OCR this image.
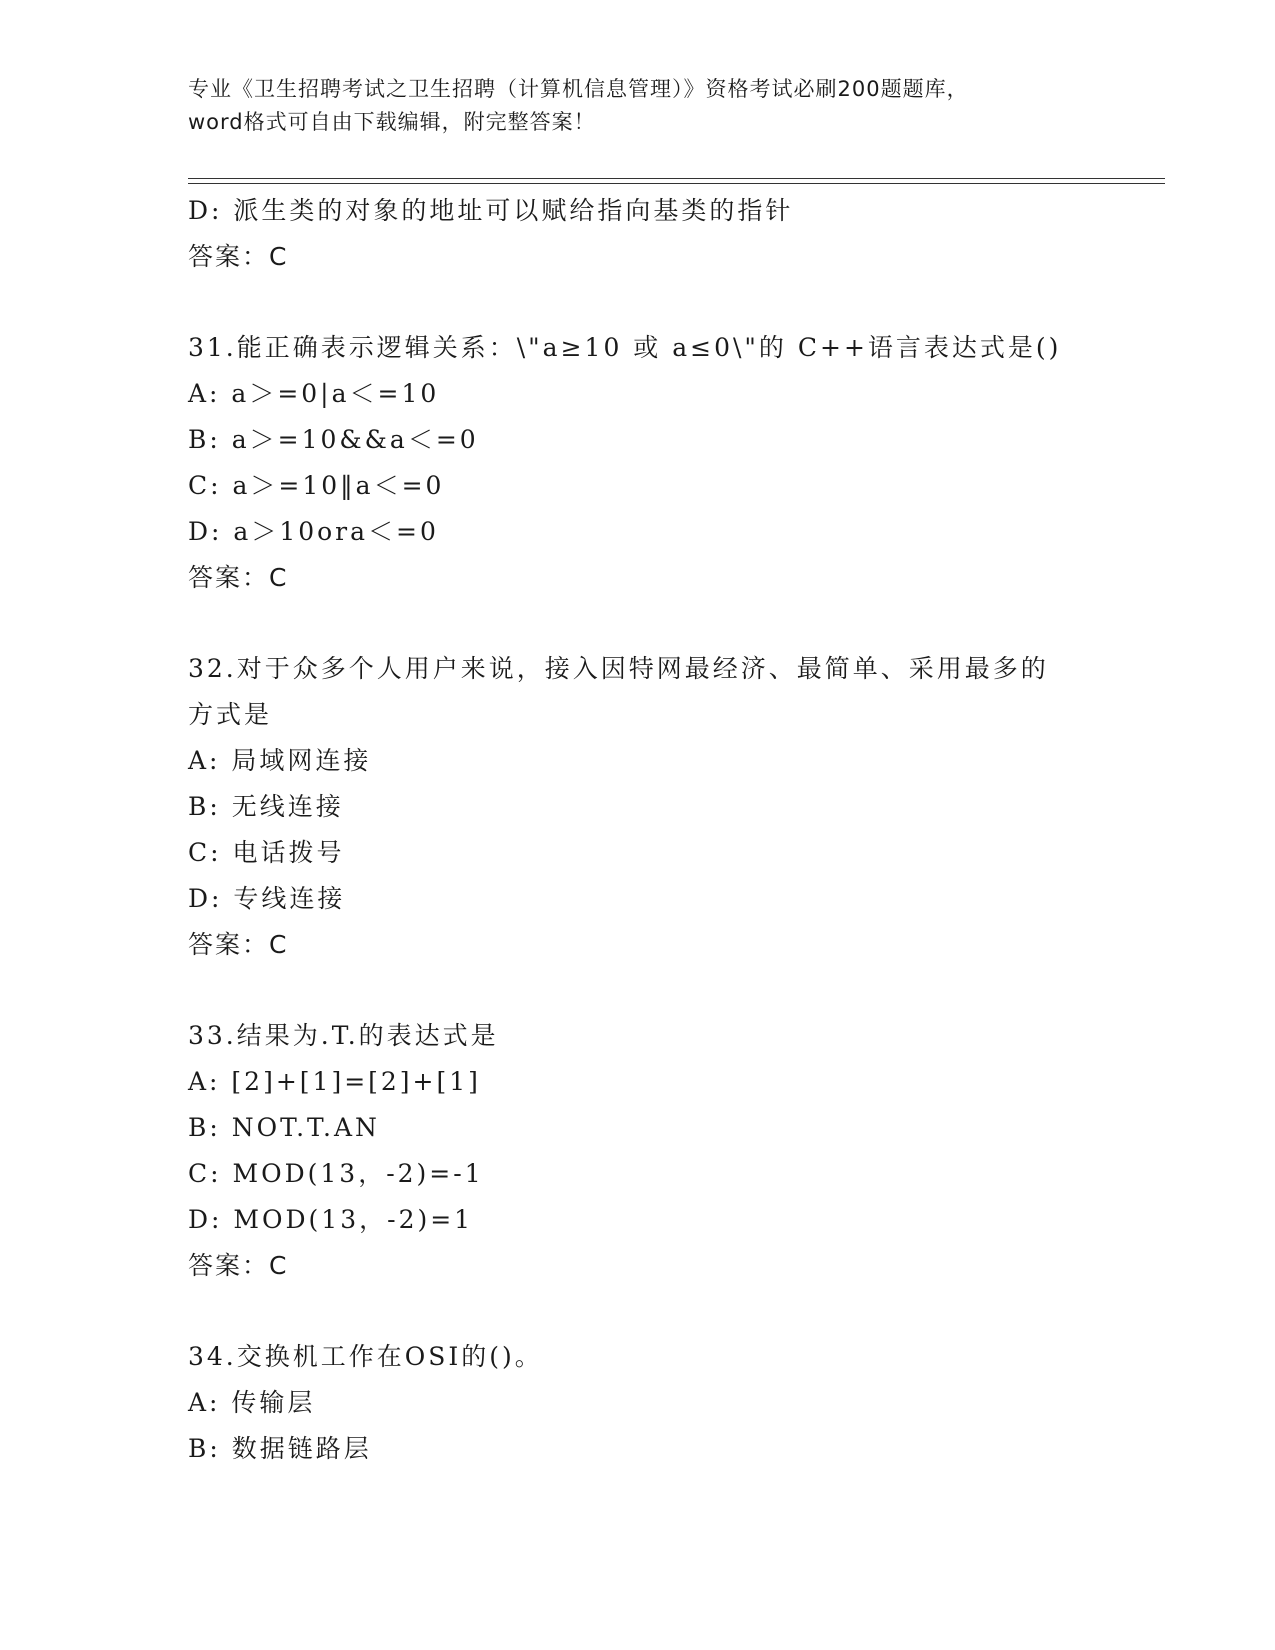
专业《卫生招聘考试之卫生招聘（计算机信息管理）》资格考试必刷200题题库，
word格式可自由下载编辑，附完整答案！
D: 派生类的对象的地址可以赋给指向基类的指针
答案：C
31.能正确表示逻辑关系：\"a≥10 或 a≤0\"的 C++语言表达式是()
A: a＞=0|a＜=10
B: a＞=10&&a＜=0
C: a＞=10‖a＜=0
D: a＞10ora＜=0
答案：C
32.对于众多个人用户来说，接入因特网最经济、最简单、采用最多的
方式是
A: 局域网连接
B: 无线连接
C: 电话拨号
D: 专线连接
答案：C
33.结果为.T.的表达式是
A: [2]+[1]=[2]+[1]
B: NOT.T.AN
C: MOD(13，-2)=-1
D: MOD(13，-2)=1
答案：C
34.交换机工作在OSI的()。
A: 传输层
B: 数据链路层
